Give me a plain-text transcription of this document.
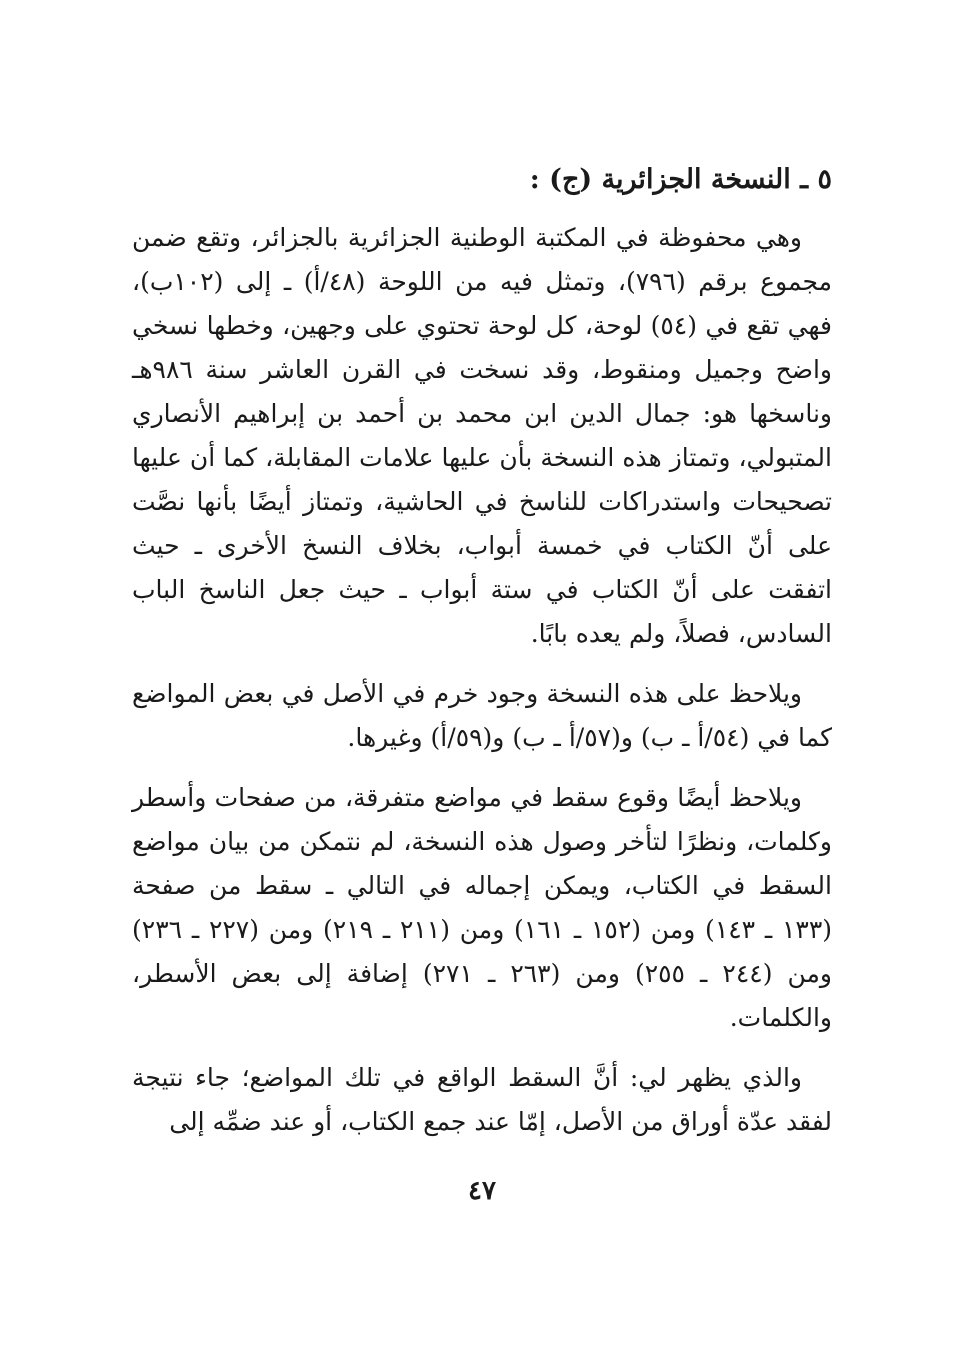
٥ ـ النسخة الجزائرية (ج) :

وهي محفوظة في المكتبة الوطنية الجزائرية بالجزائر، وتقع ضمن مجموع برقم (٧٩٦)، وتمثل فيه من اللوحة (٤٨/أ) ـ إلى (١٠٢ب)، فهي تقع في (٥٤) لوحة، كل لوحة تحتوي على وجهين، وخطها نسخي واضح وجميل ومنقوط، وقد نسخت في القرن العاشر سنة ٩٨٦هـ وناسخها هو: جمال الدين ابن محمد بن أحمد بن إبراهيم الأنصاري المتبولي، وتمتاز هذه النسخة بأن عليها علامات المقابلة، كما أن عليها تصحيحات واستدراكات للناسخ في الحاشية، وتمتاز أيضًا بأنها نصَّت على أنّ الكتاب في خمسة أبواب، بخلاف النسخ الأخرى ـ حيث اتفقت على أنّ الكتاب في ستة أبواب ـ حيث جعل الناسخ الباب السادس، فصلاً، ولم يعده بابًا.

ويلاحظ على هذه النسخة وجود خرم في الأصل في بعض المواضع كما في (٥٤/أ ـ ب) و(٥٧/أ ـ ب) و(٥٩/أ) وغيرها.

ويلاحظ أيضًا وقوع سقط في مواضع متفرقة، من صفحات وأسطر وكلمات، ونظرًا لتأخر وصول هذه النسخة، لم نتمكن من بيان مواضع السقط في الكتاب، ويمكن إجماله في التالي ـ سقط من صفحة (١٣٣ ـ ١٤٣) ومن (١٥٢ ـ ١٦١) ومن (٢١١ ـ ٢١٩) ومن (٢٢٧ ـ ٢٣٦) ومن (٢٤٤ ـ ٢٥٥) ومن (٢٦٣ ـ ٢٧١) إضافة إلى بعض الأسطر، والكلمات.

والذي يظهر لي: أنَّ السقط الواقع في تلك المواضع؛ جاء نتيجة لفقد عدّة أوراق من الأصل، إمّا عند جمع الكتاب، أو عند ضمِّه إلى

٤٧
